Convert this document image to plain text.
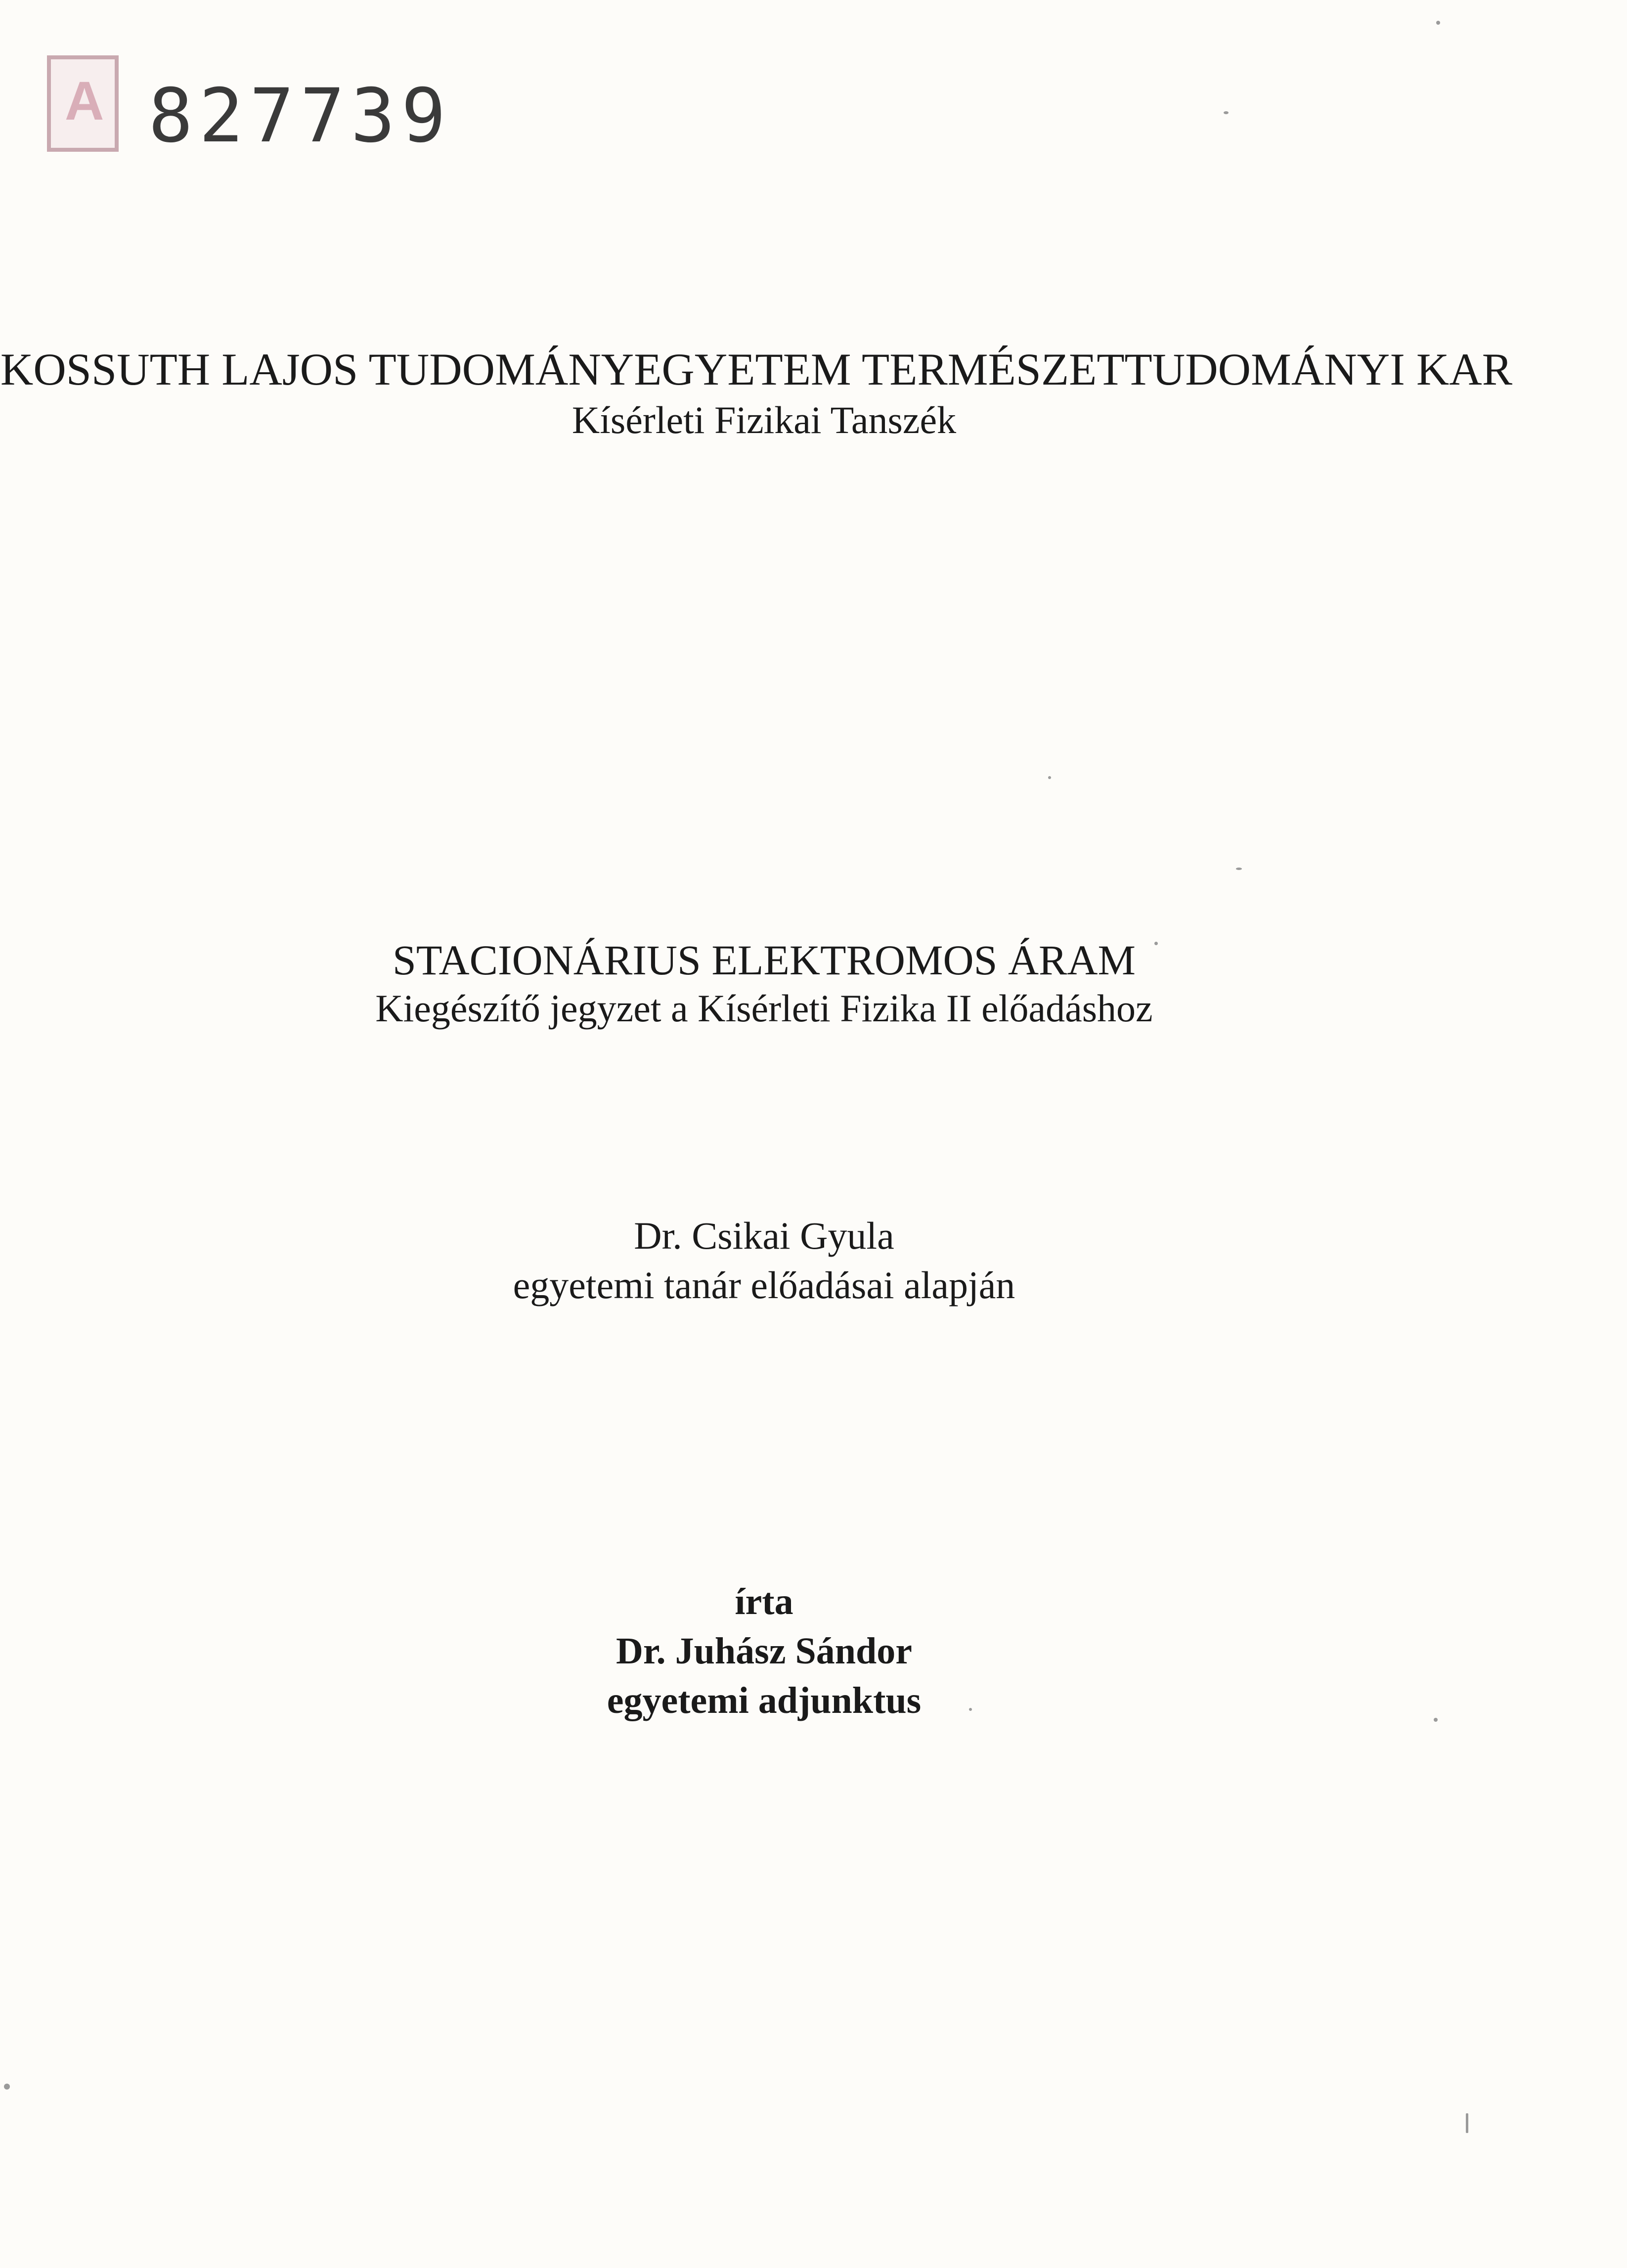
A 827739
KOSSUTH LAJOS TUDOMÁNYEGYETEM TERMÉSZETTUDOMÁNYI KAR
Kísérleti Fizikai Tanszék
STACIONÁRIUS ELEKTROMOS ÁRAM
Kiegészítő jegyzet a Kísérleti Fizika II előadáshoz
Dr. Csikai Gyula
egyetemi tanár előadásai alapján
írta
Dr. Juhász Sándor
egyetemi adjunktus
